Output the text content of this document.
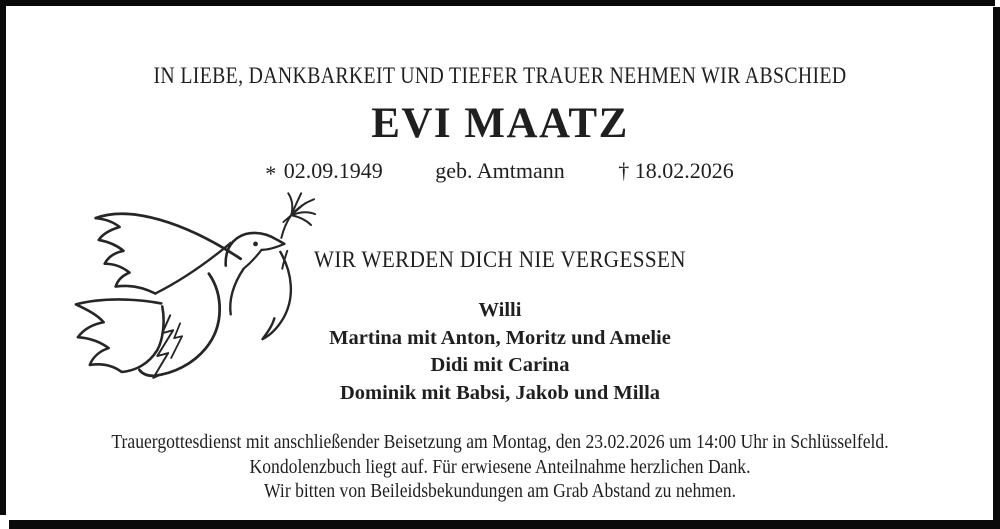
IN LIEBE, DANKBARKEIT UND TIEFER TRAUER NEHMEN WIR ABSCHIED
EVI MAATZ
* 02.09.1949 geb. Amtmann † 18.02.2026
WIR WERDEN DICH NIE VERGESSEN
Willi
Martina mit Anton, Moritz und Amelie
Didi mit Carina
Dominik mit Babsi, Jakob und Milla
Trauergottesdienst mit anschließender Beisetzung am Montag, den 23.02.2026 um 14:00 Uhr in Schlüsselfeld.
Kondolenzbuch liegt auf. Für erwiesene Anteilnahme herzlichen Dank.
Wir bitten von Beileidsbekundungen am Grab Abstand zu nehmen.
